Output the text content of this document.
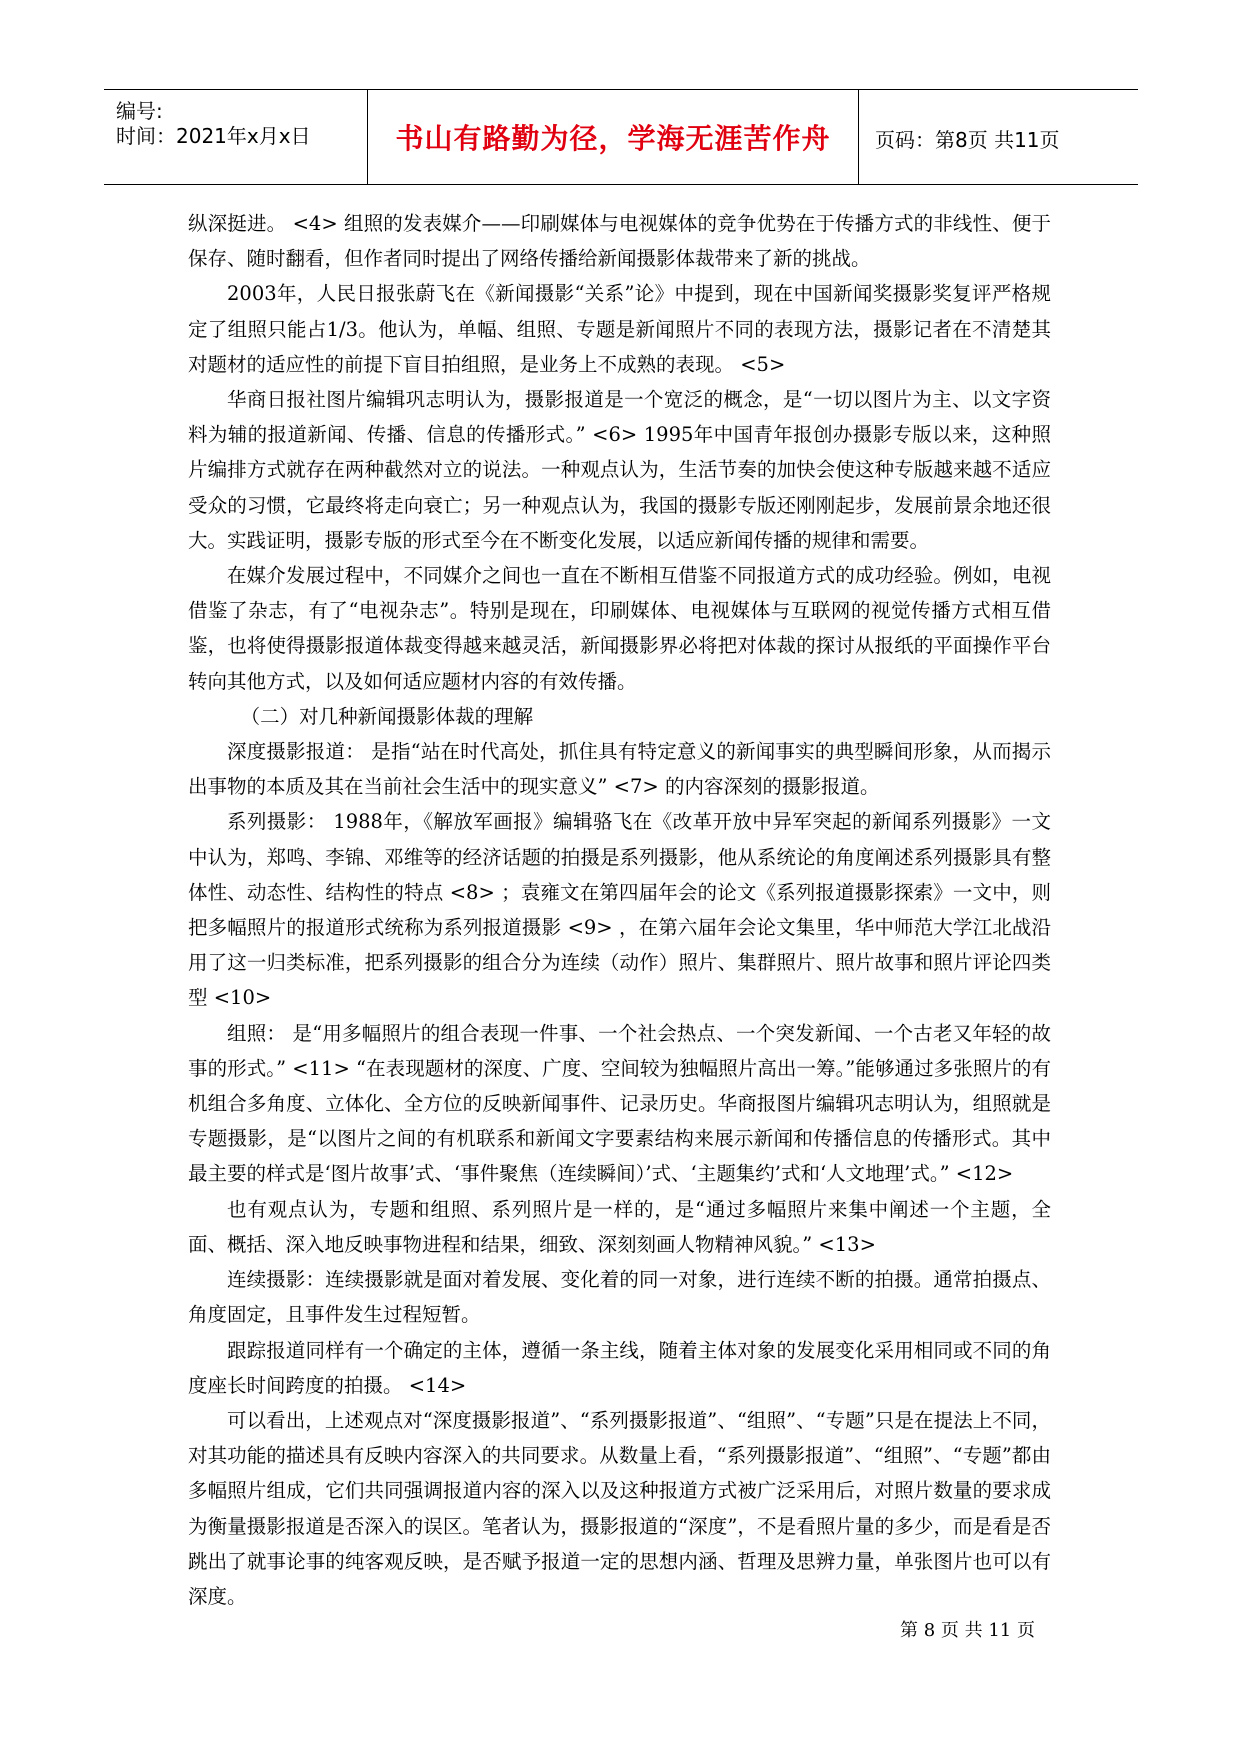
编号:
时间：2021年x月x日	书山有路勤为径，学海无涯苦作舟	页码：第8页 共11页

纵深挺进。 <4> 组照的发表媒介——印刷媒体与电视媒体的竞争优势在于传播方式的非线性、便于保存、随时翻看，但作者同时提出了网络传播给新闻摄影体裁带来了新的挑战。

2003年，人民日报张蔚飞在《新闻摄影“关系”论》中提到，现在中国新闻奖摄影奖复评严格规定了组照只能占1/3。他认为，单幅、组照、专题是新闻照片不同的表现方法，摄影记者在不清楚其对题材的适应性的前提下盲目拍组照，是业务上不成熟的表现。 <5>

华商日报社图片编辑巩志明认为，摄影报道是一个宽泛的概念，是“一切以图片为主、以文字资料为辅的报道新闻、传播、信息的传播形式。” <6> 1995年中国青年报创办摄影专版以来，这种照片编排方式就存在两种截然对立的说法。一种观点认为，生活节奏的加快会使这种专版越来越不适应受众的习惯，它最终将走向衰亡；另一种观点认为，我国的摄影专版还刚刚起步，发展前景余地还很大。实践证明，摄影专版的形式至今在不断变化发展，以适应新闻传播的规律和需要。

在媒介发展过程中，不同媒介之间也一直在不断相互借鉴不同报道方式的成功经验。例如，电视借鉴了杂志，有了“电视杂志”。特别是现在，印刷媒体、电视媒体与互联网的视觉传播方式相互借鉴，也将使得摄影报道体裁变得越来越灵活，新闻摄影界必将把对体裁的探讨从报纸的平面操作平台转向其他方式，以及如何适应题材内容的有效传播。

（二）对几种新闻摄影体裁的理解

深度摄影报道： 是指“站在时代高处，抓住具有特定意义的新闻事实的典型瞬间形象，从而揭示出事物的本质及其在当前社会生活中的现实意义” <7> 的内容深刻的摄影报道。

系列摄影： 1988年，《解放军画报》编辑骆飞在《改革开放中异军突起的新闻系列摄影》一文中认为，郑鸣、李锦、邓维等的经济话题的拍摄是系列摄影，他从系统论的角度阐述系列摄影具有整体性、动态性、结构性的特点 <8> ；袁雍文在第四届年会的论文《系列报道摄影探索》一文中，则把多幅照片的报道形式统称为系列报道摄影 <9> ，在第六届年会论文集里，华中师范大学江北战沿用了这一归类标准，把系列摄影的组合分为连续（动作）照片、集群照片、照片故事和照片评论四类型 <10>

组照： 是“用多幅照片的组合表现一件事、一个社会热点、一个突发新闻、一个古老又年轻的故事的形式。” <11> “在表现题材的深度、广度、空间较为独幅照片高出一筹。”能够通过多张照片的有机组合多角度、立体化、全方位的反映新闻事件、记录历史。华商报图片编辑巩志明认为，组照就是专题摄影，是“以图片之间的有机联系和新闻文字要素结构来展示新闻和传播信息的传播形式。其中最主要的样式是‘图片故事’式、‘事件聚焦（连续瞬间）’式、‘主题集约’式和‘人文地理’式。” <12>

也有观点认为，专题和组照、系列照片是一样的，是“通过多幅照片来集中阐述一个主题，全面、概括、深入地反映事物进程和结果，细致、深刻刻画人物精神风貌。” <13>

连续摄影：连续摄影就是面对着发展、变化着的同一对象，进行连续不断的拍摄。通常拍摄点、角度固定，且事件发生过程短暂。

跟踪报道同样有一个确定的主体，遵循一条主线，随着主体对象的发展变化采用相同或不同的角度座长时间跨度的拍摄。 <14>

可以看出，上述观点对“深度摄影报道”、“系列摄影报道”、“组照”、“专题”只是在提法上不同，对其功能的描述具有反映内容深入的共同要求。从数量上看，“系列摄影报道”、“组照”、“专题”都由多幅照片组成，它们共同强调报道内容的深入以及这种报道方式被广泛采用后，对照片数量的要求成为衡量摄影报道是否深入的误区。笔者认为，摄影报道的“深度”，不是看照片量的多少，而是看是否跳出了就事论事的纯客观反映，是否赋予报道一定的思想内涵、哲理及思辨力量，单张图片也可以有深度。

第 8 页 共 11 页
